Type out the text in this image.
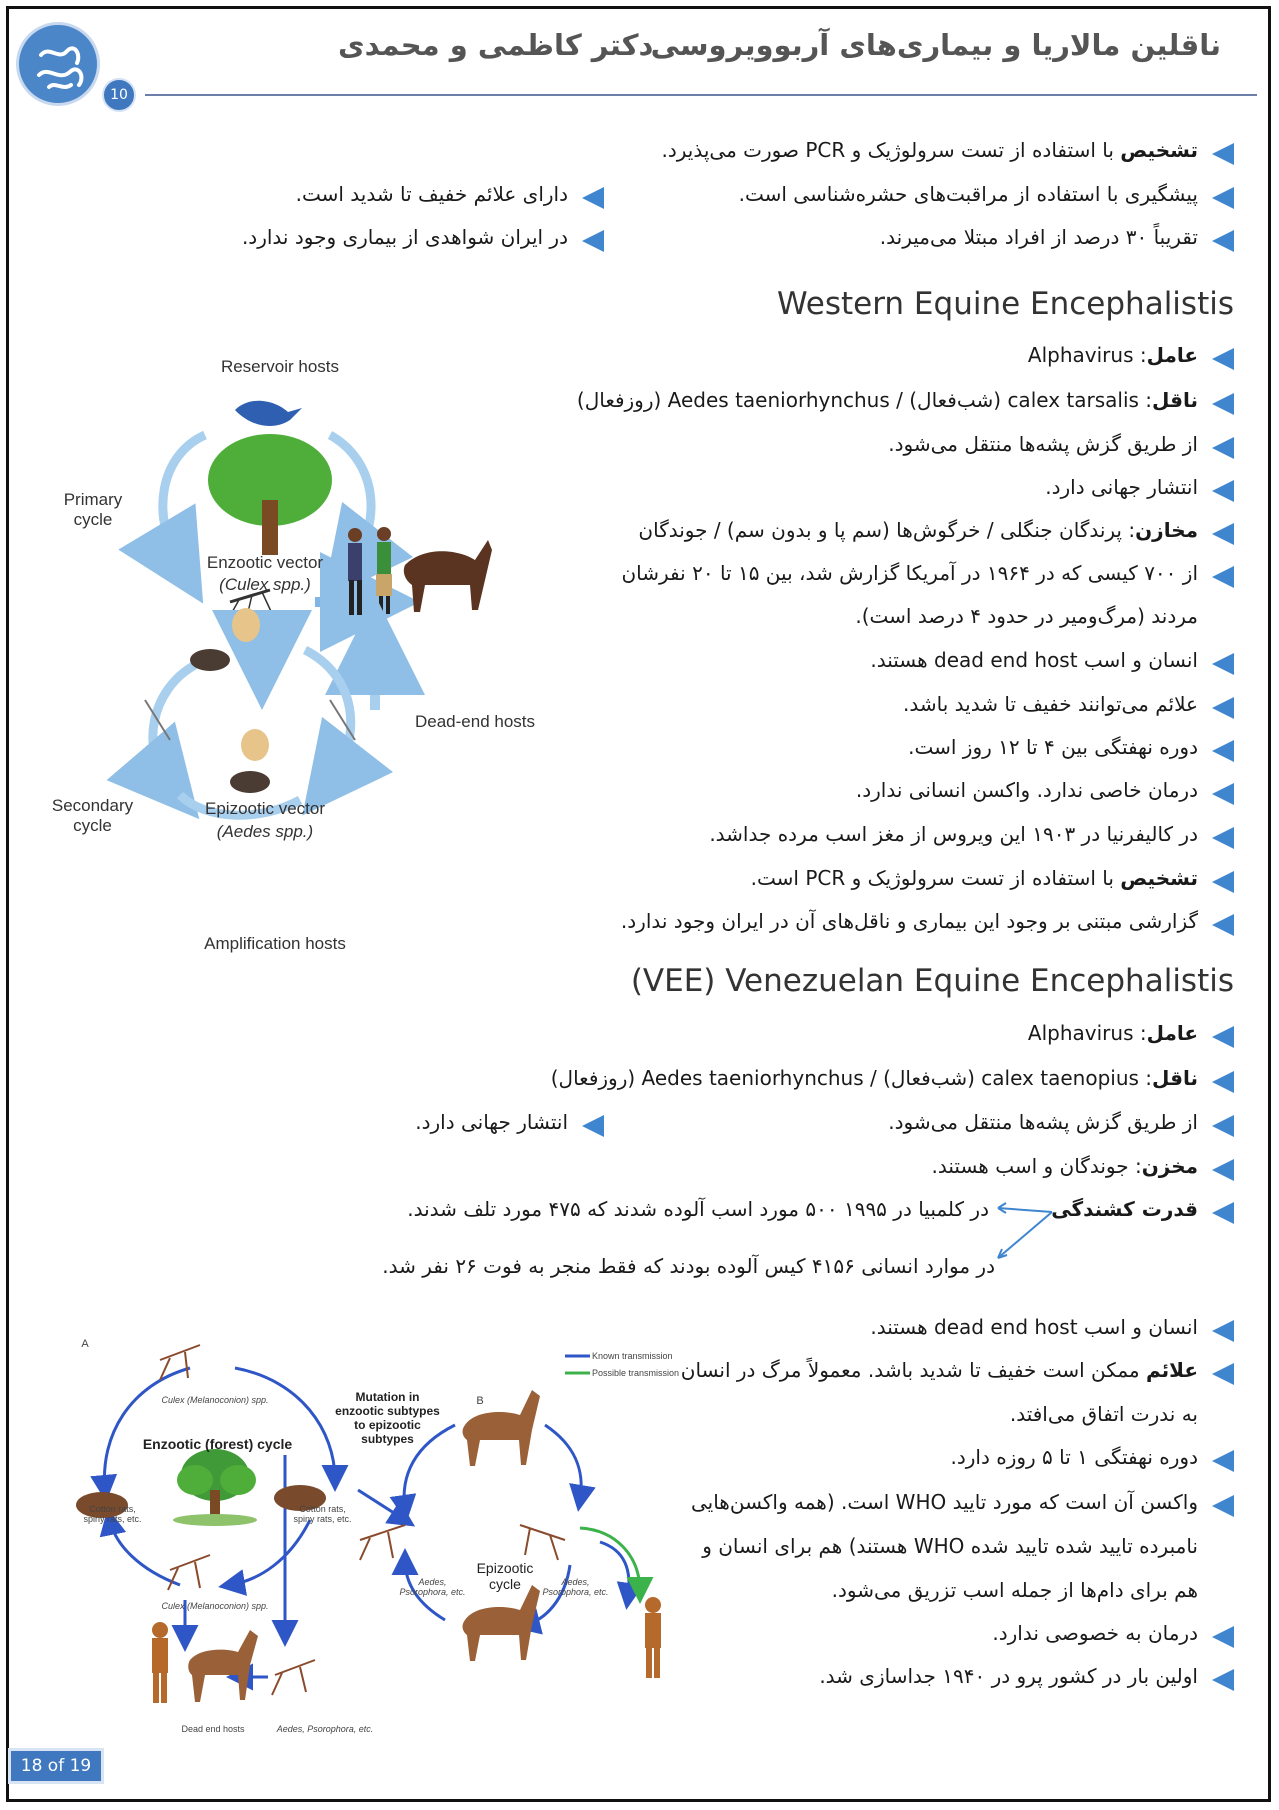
10
ناقلین مالاریا و بیماری‌های آربوویروسی
دکتر کاظمی و محمدی
تشخیص با استفاده از تست سرولوژیک و PCR صورت می‌پذیرد.
پیشگیری با استفاده از مراقبت‌های حشره‌شناسی است.
تقریباً ۳۰ درصد از افراد مبتلا می‌میرند.
دارای علائم خفیف تا شدید است.
در ایران شواهدی از بیماری وجود ندارد.
Western Equine Encephalistis
عامل: Alphavirus
ناقل: calex tarsalis (شب‌فعال) / Aedes taeniorhynchus (روزفعال)
از طریق گزش پشه‌ها منتقل می‌شود.
انتشار جهانی دارد.
مخازن: پرندگان جنگلی / خرگوش‌ها (سم پا و بدون سم) / جوندگان
از ۷۰۰ کیسی که در ۱۹۶۴ در آمریکا گزارش شد، بین ۱۵ تا ۲۰ نفرشان
مردند (مرگ‌ومیر در حدود ۴ درصد است).
انسان و اسب dead end host هستند.
علائم می‌توانند خفیف تا شدید باشد.
دوره نهفتگی بین ۴ تا ۱۲ روز است.
درمان خاصی ندارد. واکسن انسانی ندارد.
در کالیفرنیا در ۱۹۰۳ این ویروس از مغز اسب مرده جداشد.
تشخیص با استفاده از تست سرولوژیک و PCR است.
گزارشی مبتنی بر وجود این بیماری و ناقل‌های آن در ایران وجود ندارد.
Reservoir hosts
Primary cycle
Enzootic vector
(Culex spp.)
Dead-end hosts
Secondary cycle
Epizootic vector
(Aedes spp.)
Amplification hosts
(VEE) Venezuelan Equine Encephalistis
عامل: Alphavirus
ناقل: calex taenopius (شب‌فعال) / Aedes taeniorhynchus (روزفعال)
از طریق گزش پشه‌ها منتقل می‌شود.
انتشار جهانی دارد.
مخزن: جوندگان و اسب هستند.
قدرت کشندگی
در کلمبیا در ۱۹۹۵ ۵۰۰ مورد اسب آلوده شدند که ۴۷۵ مورد تلف شدند.
در موارد انسانی ۴۱۵۶ کیس آلوده بودند که فقط منجر به فوت ۲۶ نفر شد.
انسان و اسب dead end host هستند.
علائم ممکن است خفیف تا شدید باشد. معمولاً مرگ در انسان
به ندرت اتفاق می‌افتد.
دوره نهفتگی ۱ تا ۵ روزه دارد.
واکسن آن است که مورد تایید WHO است. (همه واکسن‌هایی
نامبرده تایید شده تایید شده WHO هستند) هم برای انسان و
هم برای دام‌ها از جمله اسب تزریق می‌شود.
درمان به خصوصی ندارد.
اولین بار در کشور پرو در ۱۹۴۰ جداسازی شد.
A
B
Culex (Melanoconion) spp.
Enzootic (forest) cycle
Mutation in enzootic subtypes to epizootic subtypes
Cotton rats, spiny rats, etc.
Cotton rats, spiny rats, etc.
Culex (Melanoconion) spp.
Dead end hosts	Aedes, Psorophora, etc.
Aedes, Psorophora, etc.
Aedes, Psorophora, etc.
Epizootic cycle
Known transmission
Possible transmission
18 of 19
